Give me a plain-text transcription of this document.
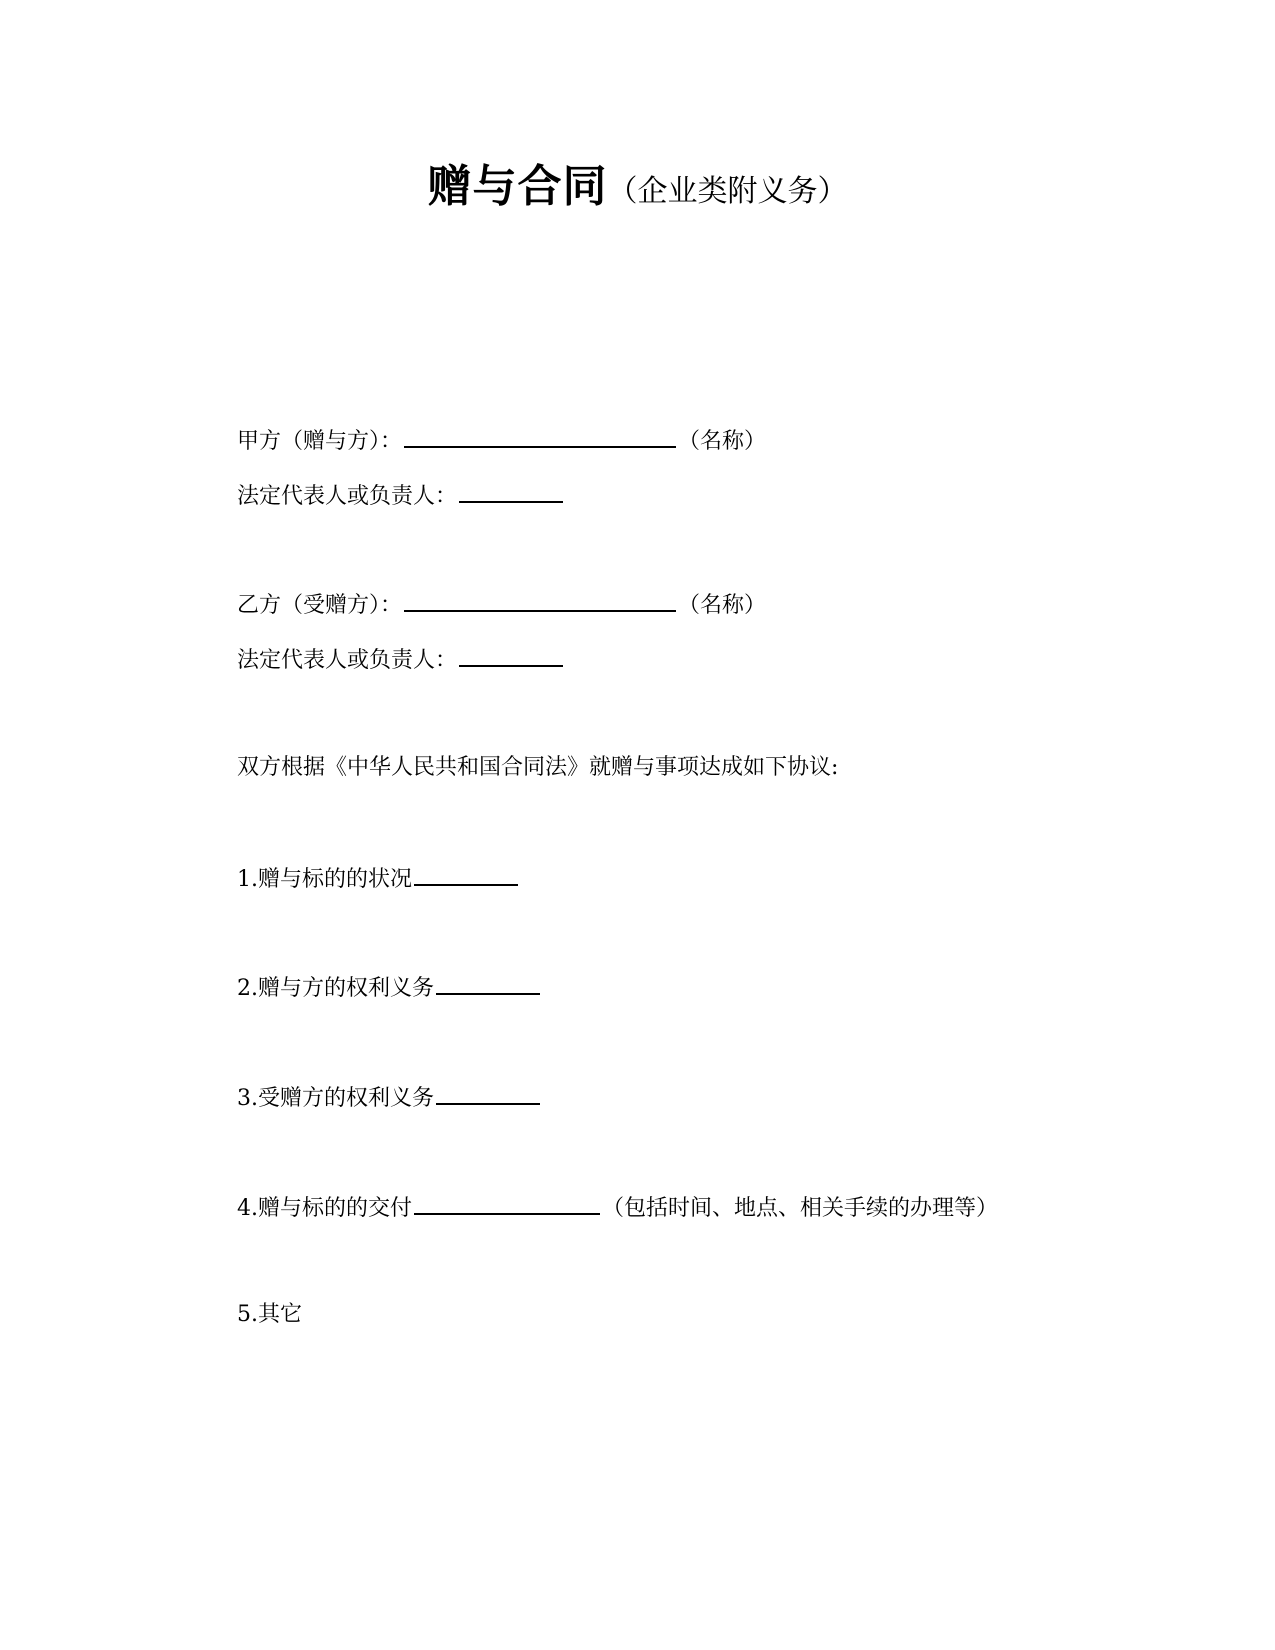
赠与合同（企业类附义务）
甲方（赠与方）：	（名称）
法定代表人或负责人：
乙方（受赠方）：	（名称）
法定代表人或负责人：
双方根据《中华人民共和国合同法》就赠与事项达成如下协议:
1.赠与标的的状况
2.赠与方的权利义务
3.受赠方的权利义务
4.赠与标的的交付	（包括时间、地点、相关手续的办理等）
5.其它
